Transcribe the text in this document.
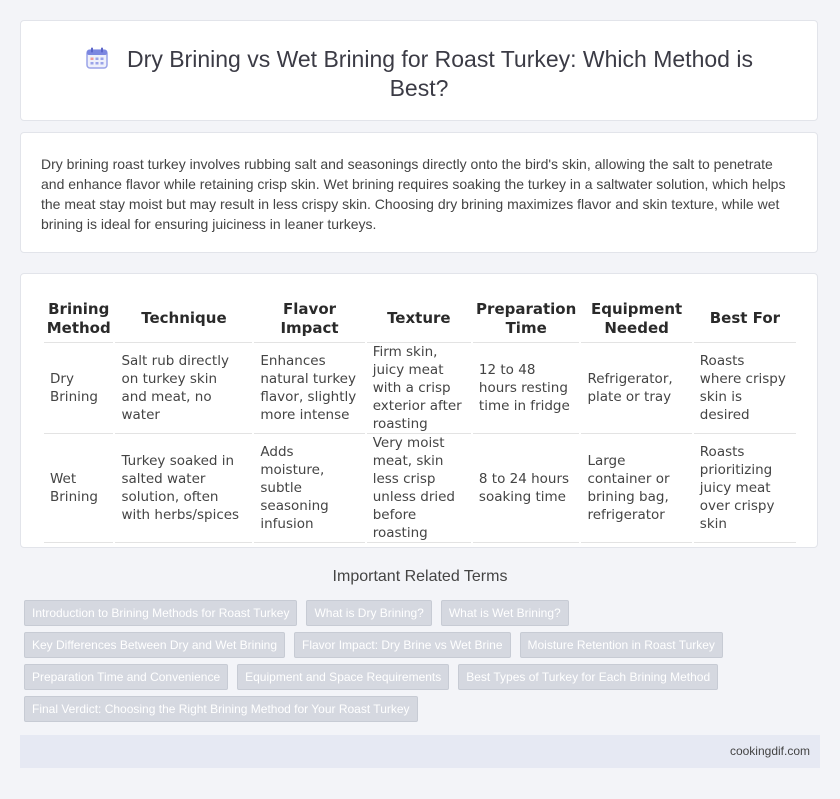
Dry Brining vs Wet Brining for Roast Turkey: Which Method is Best?

Dry brining roast turkey involves rubbing salt and seasonings directly onto the bird's skin, allowing the salt to penetrate and enhance flavor while retaining crisp skin. Wet brining requires soaking the turkey in a saltwater solution, which helps the meat stay moist but may result in less crispy skin. Choosing dry brining maximizes flavor and skin texture, while wet brining is ideal for ensuring juiciness in leaner turkeys.

Brining Method	Technique	Flavor Impact	Texture	Preparation Time	Equipment Needed	Best For
Dry Brining	Salt rub directly on turkey skin and meat, no water	Enhances natural turkey flavor, slightly more intense	Firm skin, juicy meat with a crisp exterior after roasting	12 to 48 hours resting time in fridge	Refrigerator, plate or tray	Roasts where crispy skin is desired
Wet Brining	Turkey soaked in salted water solution, often with herbs/spices	Adds moisture, subtle seasoning infusion	Very moist meat, skin less crisp unless dried before roasting	8 to 24 hours soaking time	Large container or brining bag, refrigerator	Roasts prioritizing juicy meat over crispy skin
Important Related Terms
Introduction to Brining Methods for Roast Turkey	What is Dry Brining?	What is Wet Brining?
Key Differences Between Dry and Wet Brining	Flavor Impact: Dry Brine vs Wet Brine	Moisture Retention in Roast Turkey
Preparation Time and Convenience	Equipment and Space Requirements	Best Types of Turkey for Each Brining Method
Final Verdict: Choosing the Right Brining Method for Your Roast Turkey
cookingdif.com
